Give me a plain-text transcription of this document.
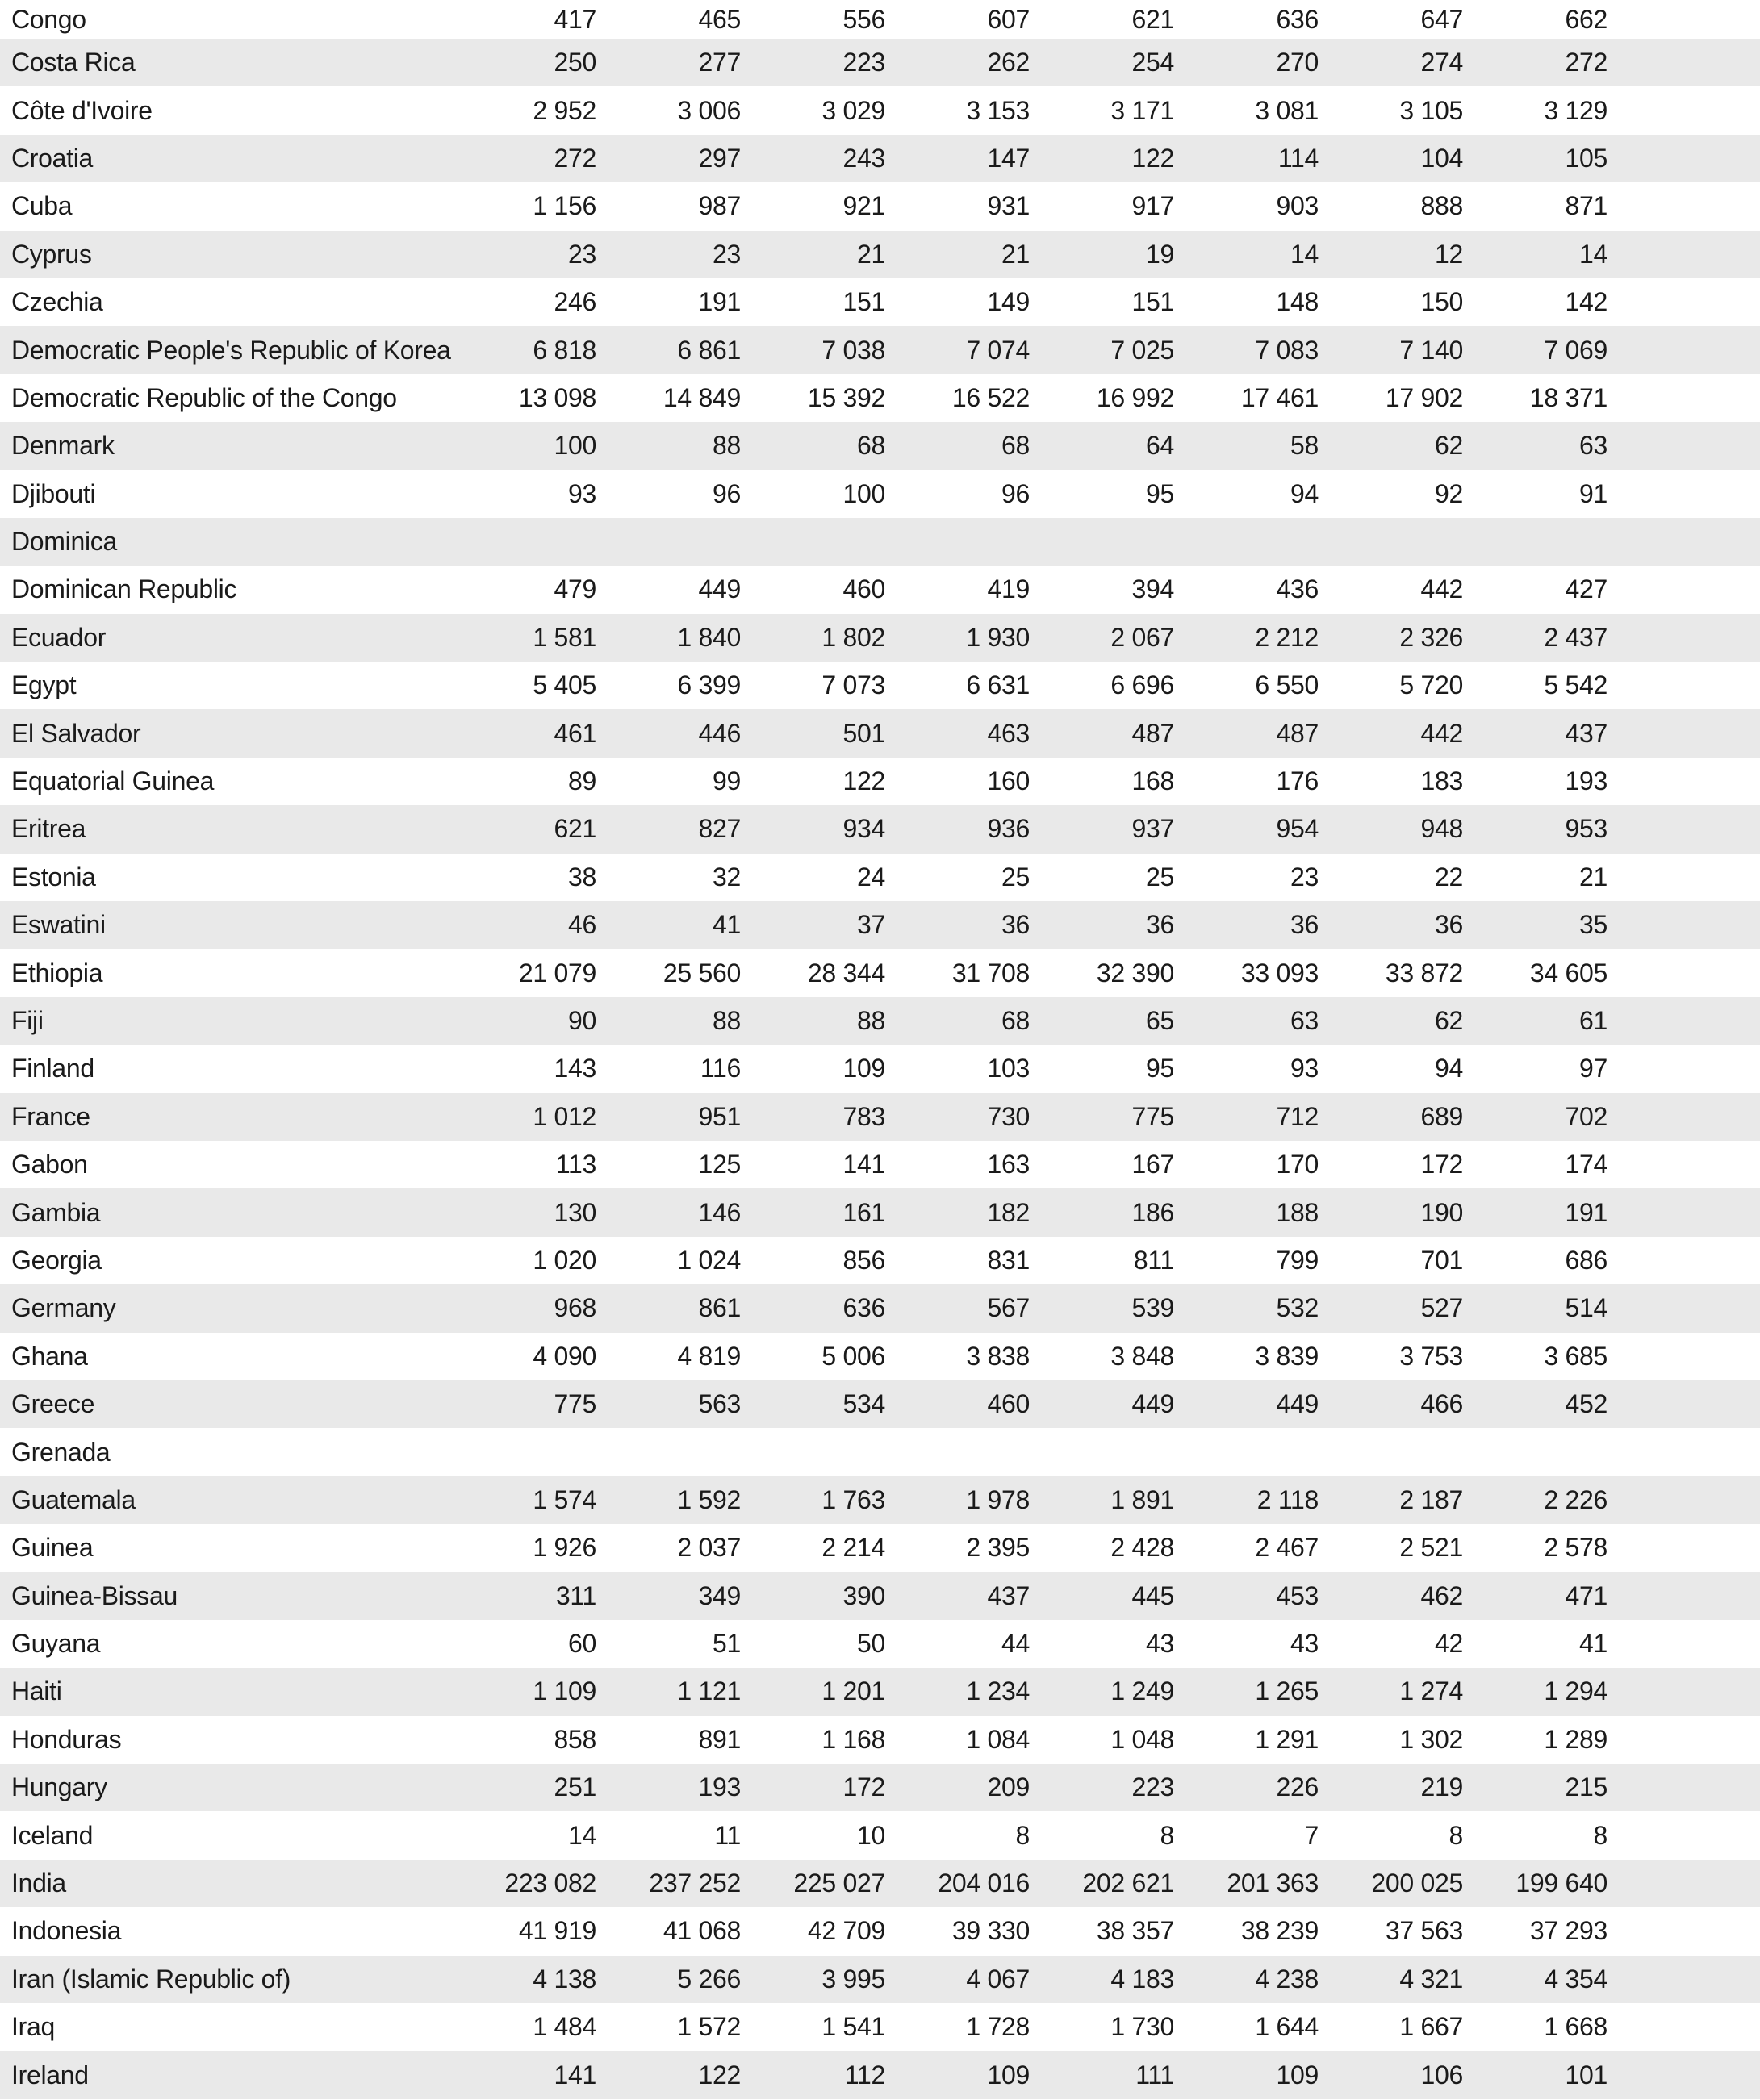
Congo	417	465	556	607	621	636	647	662
Costa Rica	250	277	223	262	254	270	274	272
Côte d'Ivoire	2 952	3 006	3 029	3 153	3 171	3 081	3 105	3 129
Croatia	272	297	243	147	122	114	104	105
Cuba	1 156	987	921	931	917	903	888	871
Cyprus	23	23	21	21	19	14	12	14
Czechia	246	191	151	149	151	148	150	142
Democratic People's Republic of Korea	6 818	6 861	7 038	7 074	7 025	7 083	7 140	7 069
Democratic Republic of the Congo	13 098	14 849	15 392	16 522	16 992	17 461	17 902	18 371
Denmark	100	88	68	68	64	58	62	63
Djibouti	93	96	100	96	95	94	92	91
Dominica
Dominican Republic	479	449	460	419	394	436	442	427
Ecuador	1 581	1 840	1 802	1 930	2 067	2 212	2 326	2 437
Egypt	5 405	6 399	7 073	6 631	6 696	6 550	5 720	5 542
El Salvador	461	446	501	463	487	487	442	437
Equatorial Guinea	89	99	122	160	168	176	183	193
Eritrea	621	827	934	936	937	954	948	953
Estonia	38	32	24	25	25	23	22	21
Eswatini	46	41	37	36	36	36	36	35
Ethiopia	21 079	25 560	28 344	31 708	32 390	33 093	33 872	34 605
Fiji	90	88	88	68	65	63	62	61
Finland	143	116	109	103	95	93	94	97
France	1 012	951	783	730	775	712	689	702
Gabon	113	125	141	163	167	170	172	174
Gambia	130	146	161	182	186	188	190	191
Georgia	1 020	1 024	856	831	811	799	701	686
Germany	968	861	636	567	539	532	527	514
Ghana	4 090	4 819	5 006	3 838	3 848	3 839	3 753	3 685
Greece	775	563	534	460	449	449	466	452
Grenada
Guatemala	1 574	1 592	1 763	1 978	1 891	2 118	2 187	2 226
Guinea	1 926	2 037	2 214	2 395	2 428	2 467	2 521	2 578
Guinea-Bissau	311	349	390	437	445	453	462	471
Guyana	60	51	50	44	43	43	42	41
Haiti	1 109	1 121	1 201	1 234	1 249	1 265	1 274	1 294
Honduras	858	891	1 168	1 084	1 048	1 291	1 302	1 289
Hungary	251	193	172	209	223	226	219	215
Iceland	14	11	10	8	8	7	8	8
India	223 082	237 252	225 027	204 016	202 621	201 363	200 025	199 640
Indonesia	41 919	41 068	42 709	39 330	38 357	38 239	37 563	37 293
Iran (Islamic Republic of)	4 138	5 266	3 995	4 067	4 183	4 238	4 321	4 354
Iraq	1 484	1 572	1 541	1 728	1 730	1 644	1 667	1 668
Ireland	141	122	112	109	111	109	106	101
